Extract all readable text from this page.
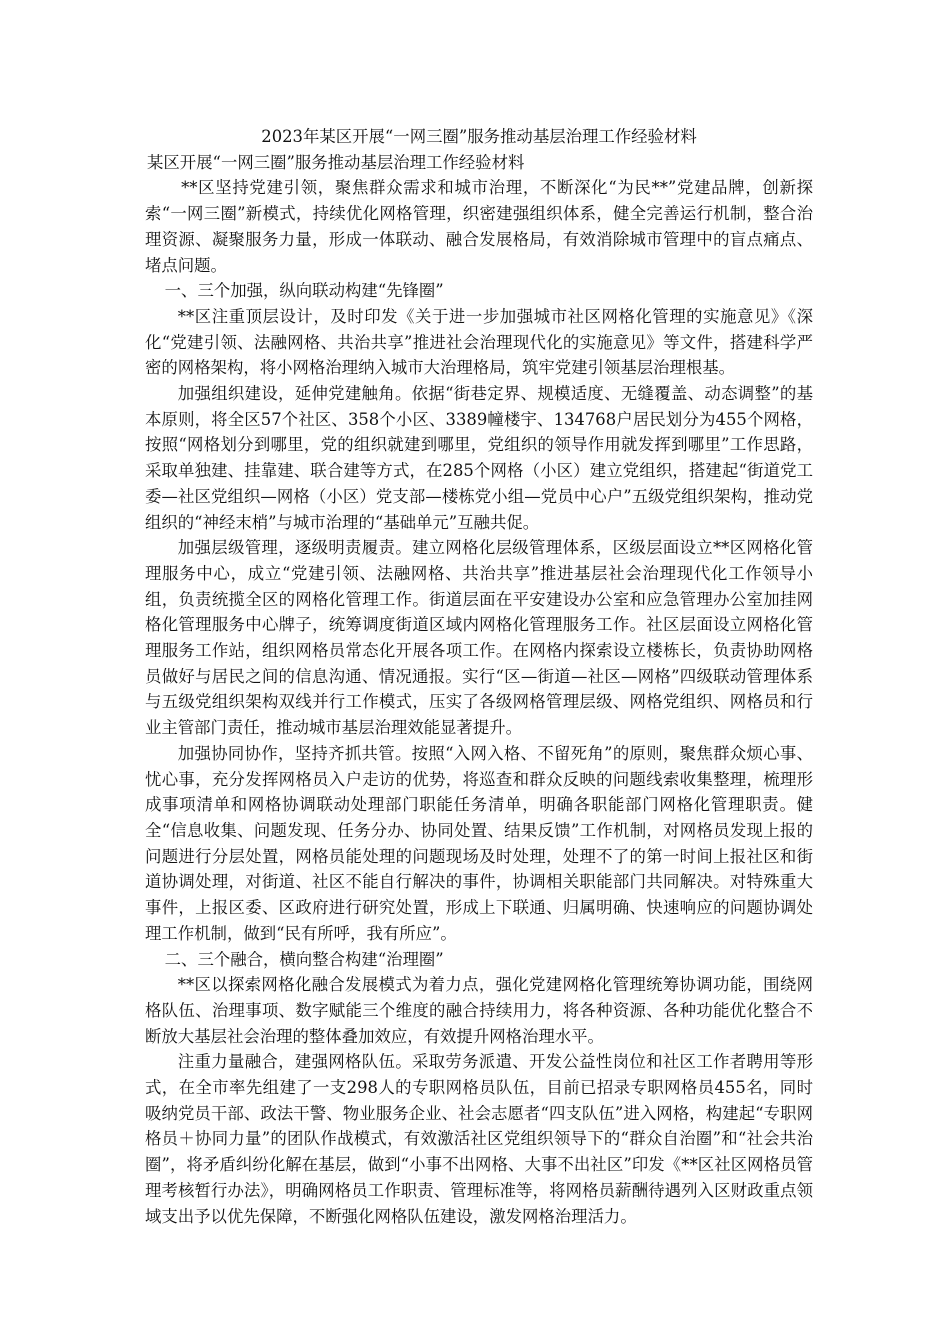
2023年某区开展“一网三圈”服务推动基层治理工作经验材料
某区开展“一网三圈”服务推动基层治理工作经验材料

**区坚持党建引领，聚焦群众需求和城市治理，不断深化“为民**”党建品牌，创新探索“一网三圈”新模式，持续优化网格管理，织密建强组织体系，健全完善运行机制，整合治理资源、凝聚服务力量，形成一体联动、融合发展格局，有效消除城市管理中的盲点痛点、堵点问题。

一、三个加强，纵向联动构建“先锋圈”

**区注重顶层设计，及时印发《关于进一步加强城市社区网格化管理的实施意见》《深化“党建引领、法融网格、共治共享”推进社会治理现代化的实施意见》等文件，搭建科学严密的网格架构，将小网格治理纳入城市大治理格局，筑牢党建引领基层治理根基。

加强组织建设，延伸党建触角。依据“街巷定界、规模适度、无缝覆盖、动态调整”的基本原则，将全区57个社区、358个小区、3389幢楼宇、134768户居民划分为455个网格，按照“网格划分到哪里，党的组织就建到哪里，党组织的领导作用就发挥到哪里”工作思路，采取单独建、挂靠建、联合建等方式，在285个网格（小区）建立党组织，搭建起“街道党工委—社区党组织—网格（小区）党支部—楼栋党小组—党员中心户”五级党组织架构，推动党组织的“神经末梢”与城市治理的“基础单元”互融共促。

加强层级管理，逐级明责履责。建立网格化层级管理体系，区级层面设立**区网格化管理服务中心，成立“党建引领、法融网格、共治共享”推进基层社会治理现代化工作领导小组，负责统揽全区的网格化管理工作。街道层面在平安建设办公室和应急管理办公室加挂网格化管理服务中心牌子，统筹调度街道区域内网格化管理服务工作。社区层面设立网格化管理服务工作站，组织网格员常态化开展各项工作。在网格内探索设立楼栋长，负责协助网格员做好与居民之间的信息沟通、情况通报。实行“区—街道—社区—网格”四级联动管理体系与五级党组织架构双线并行工作模式，压实了各级网格管理层级、网格党组织、网格员和行业主管部门责任，推动城市基层治理效能显著提升。

加强协同协作，坚持齐抓共管。按照“入网入格、不留死角”的原则，聚焦群众烦心事、忧心事，充分发挥网格员入户走访的优势，将巡查和群众反映的问题线索收集整理，梳理形成事项清单和网格协调联动处理部门职能任务清单，明确各职能部门网格化管理职责。健全“信息收集、问题发现、任务分办、协同处置、结果反馈”工作机制，对网格员发现上报的问题进行分层处置，网格员能处理的问题现场及时处理，处理不了的第一时间上报社区和街道协调处理，对街道、社区不能自行解决的事件，协调相关职能部门共同解决。对特殊重大事件，上报区委、区政府进行研究处置，形成上下联通、归属明确、快速响应的问题协调处理工作机制，做到“民有所呼，我有所应”。

二、三个融合，横向整合构建“治理圈”

**区以探索网格化融合发展模式为着力点，强化党建网格化管理统筹协调功能，围绕网格队伍、治理事项、数字赋能三个维度的融合持续用力，将各种资源、各种功能优化整合不断放大基层社会治理的整体叠加效应，有效提升网格治理水平。

注重力量融合，建强网格队伍。采取劳务派遣、开发公益性岗位和社区工作者聘用等形式，在全市率先组建了一支298人的专职网格员队伍，目前已招录专职网格员455名，同时吸纳党员干部、政法干警、物业服务企业、社会志愿者“四支队伍”进入网格，构建起“专职网格员＋协同力量”的团队作战模式，有效激活社区党组织领导下的“群众自治圈”和“社会共治圈”，将矛盾纠纷化解在基层，做到“小事不出网格、大事不出社区”印发《**区社区网格员管理考核暂行办法》，明确网格员工作职责、管理标准等，将网格员薪酬待遇列入区财政重点领域支出予以优先保障，不断强化网格队伍建设，激发网格治理活力。
